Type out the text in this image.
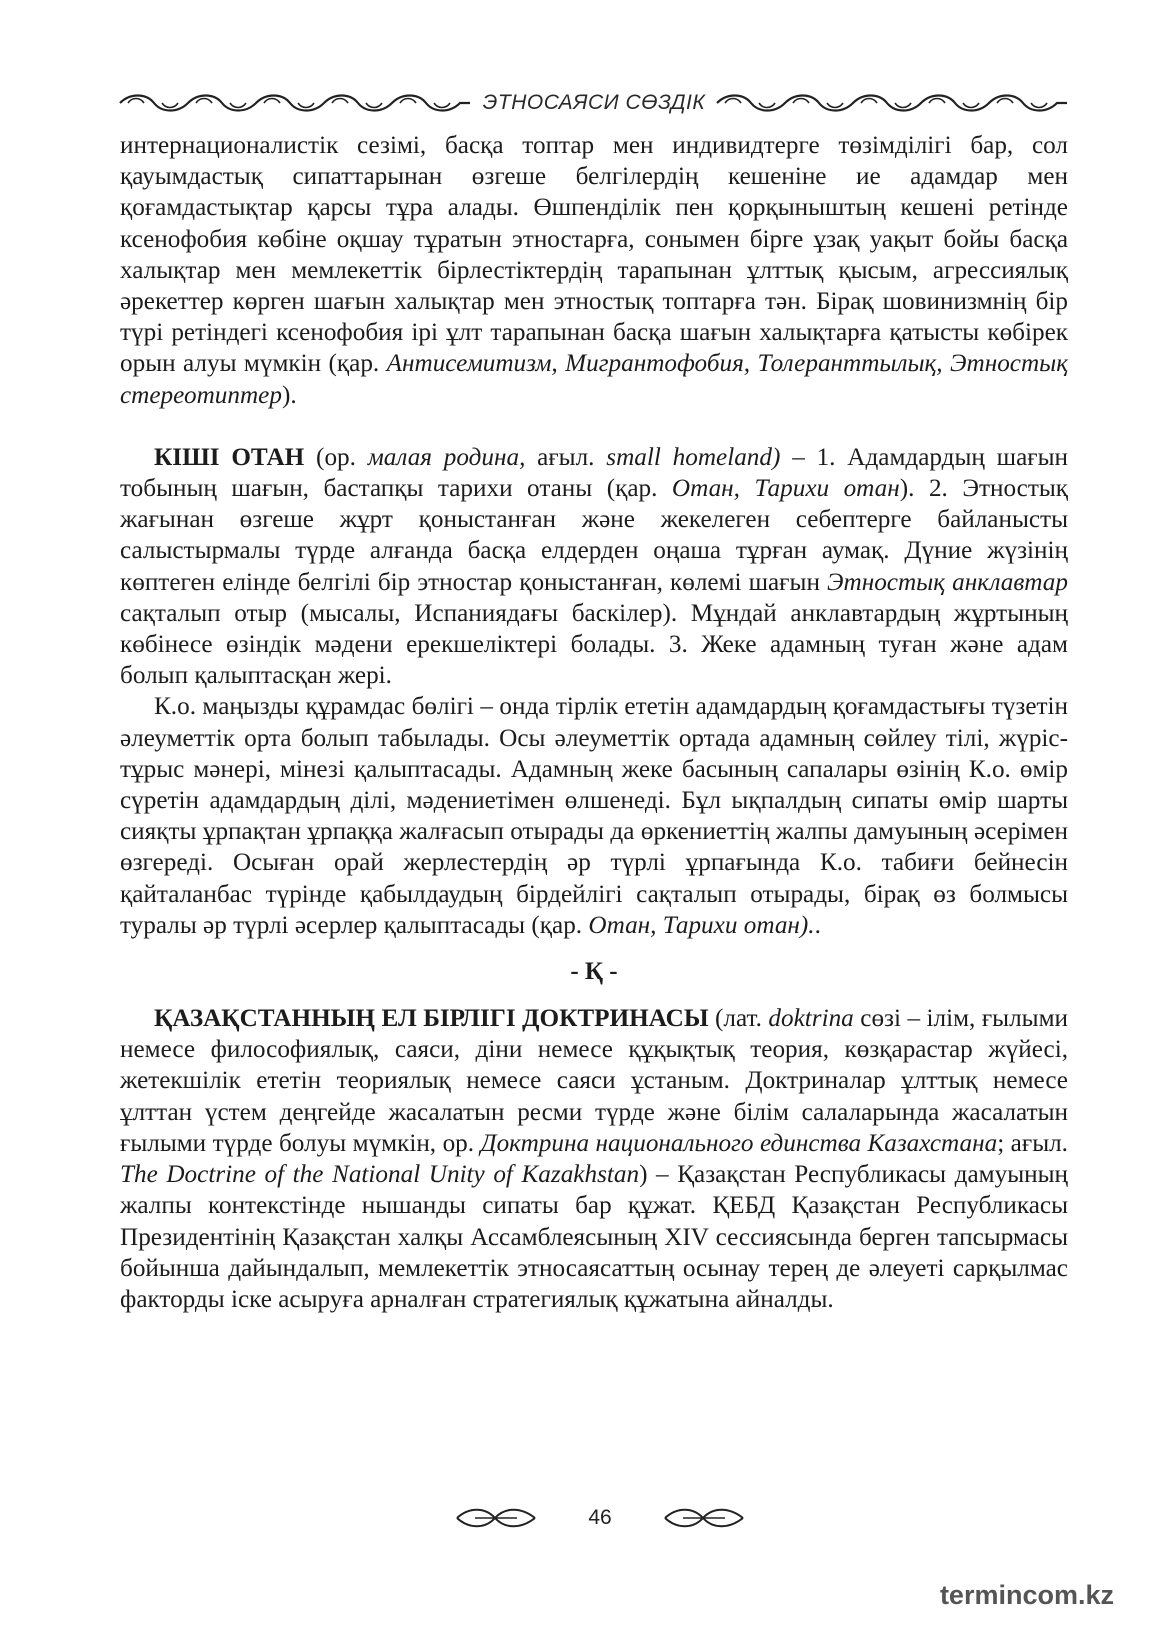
ЭТНОСАЯСИ СӨЗДІК

интернационалистік сезімі, басқа топтар мен индивидтерге төзімділігі бар, сол қауымдастық сипаттарынан өзгеше белгілердің кешеніне ие адамдар мен қоғамдастықтар қарсы тұра алады. Өшпенділік пен қорқыныштың кешені ретінде ксенофобия көбіне оқшау тұратын этностарға, сонымен бірге ұзақ уақыт бойы басқа халықтар мен мемлекеттік бірлестіктердің тарапынан ұлттық қысым, агрессиялық әрекеттер көрген шағын халықтар мен этностық топтарға тән. Бірақ шовинизмнің бір түрі ретіндегі ксенофобия ірі ұлт тарапынан басқа шағын халықтарға қатысты көбірек орын алуы мүмкін (қар. Антисемитизм, Мигрантофобия, Толеранттылық, Этностық стереотиптер).

КІШІ ОТАН (ор. малая родина, ағыл. small homeland) – 1. Адамдардың шағын тобының шағын, бастапқы тарихи отаны (қар. Отан, Тарихи отан). 2. Этностық жағынан өзгеше жұрт қоныстанған және жекелеген себептерге байланысты салыстырмалы түрде алғанда басқа елдерден оңаша тұрған аумақ. Дүние жүзінің көптеген елінде белгілі бір этностар қоныстанған, көлемі шағын Этностық анклавтар сақталып отыр (мысалы, Испаниядағы баскілер). Мұндай анклавтардың жұртының көбінесе өзіндік мәдени ерекшеліктері болады. 3. Жеке адамның туған және адам болып қалыптасқан жері.

К.о. маңызды құрамдас бөлігі – онда тірлік ететін адамдардың қоғамдастығы түзетін әлеуметтік орта болып табылады. Осы әлеуметтік ортада адамның сөйлеу тілі, жүріс-тұрыс мәнері, мінезі қалыптасады. Адамның жеке басының сапалары өзінің К.о. өмір сүретін адамдардың ділі, мәдениетімен өлшенеді. Бұл ықпалдың сипаты өмір шарты сияқты ұрпақтан ұрпаққа жалғасып отырады да өркениеттің жалпы дамуының әсерімен өзгереді. Осыған орай жерлестердің әр түрлі ұрпағында К.о. табиғи бейнесін қайталанбас түрінде қабылдаудың бірдейлігі сақталып отырады, бірақ өз болмысы туралы әр түрлі әсерлер қалыптасады (қар. Отан, Тарихи отан)..

- Қ -

ҚАЗАҚСТАННЫҢ ЕЛ БІРЛІГІ ДОКТРИНАСЫ (лат. doktrina сөзі – ілім, ғылыми немесе философиялық, саяси, діни немесе құқықтық теория, көзқарастар жүйесі, жетекшілік ететін теориялық немесе саяси ұстаным. Доктриналар ұлттық немесе ұлттан үстем деңгейде жасалатын ресми түрде және білім салаларында жасалатын ғылыми түрде болуы мүмкін, ор. Доктрина национального единства Казахстана; ағыл. The Doctrine of the National Unity of Kazakhstan) – Қазақстан Республикасы дамуының жалпы контекстінде нышанды сипаты бар құжат. ҚЕБД Қазақстан Республикасы Президентінің Қазақстан халқы Ассамблеясының XIV сессиясында берген тапсырмасы бойынша дайындалып, мемлекеттік этносаясаттың осынау терең де әлеуеті сарқылмас факторды іске асыруға арналған стратегиялық құжатына айналды.

46
termincom.kz
